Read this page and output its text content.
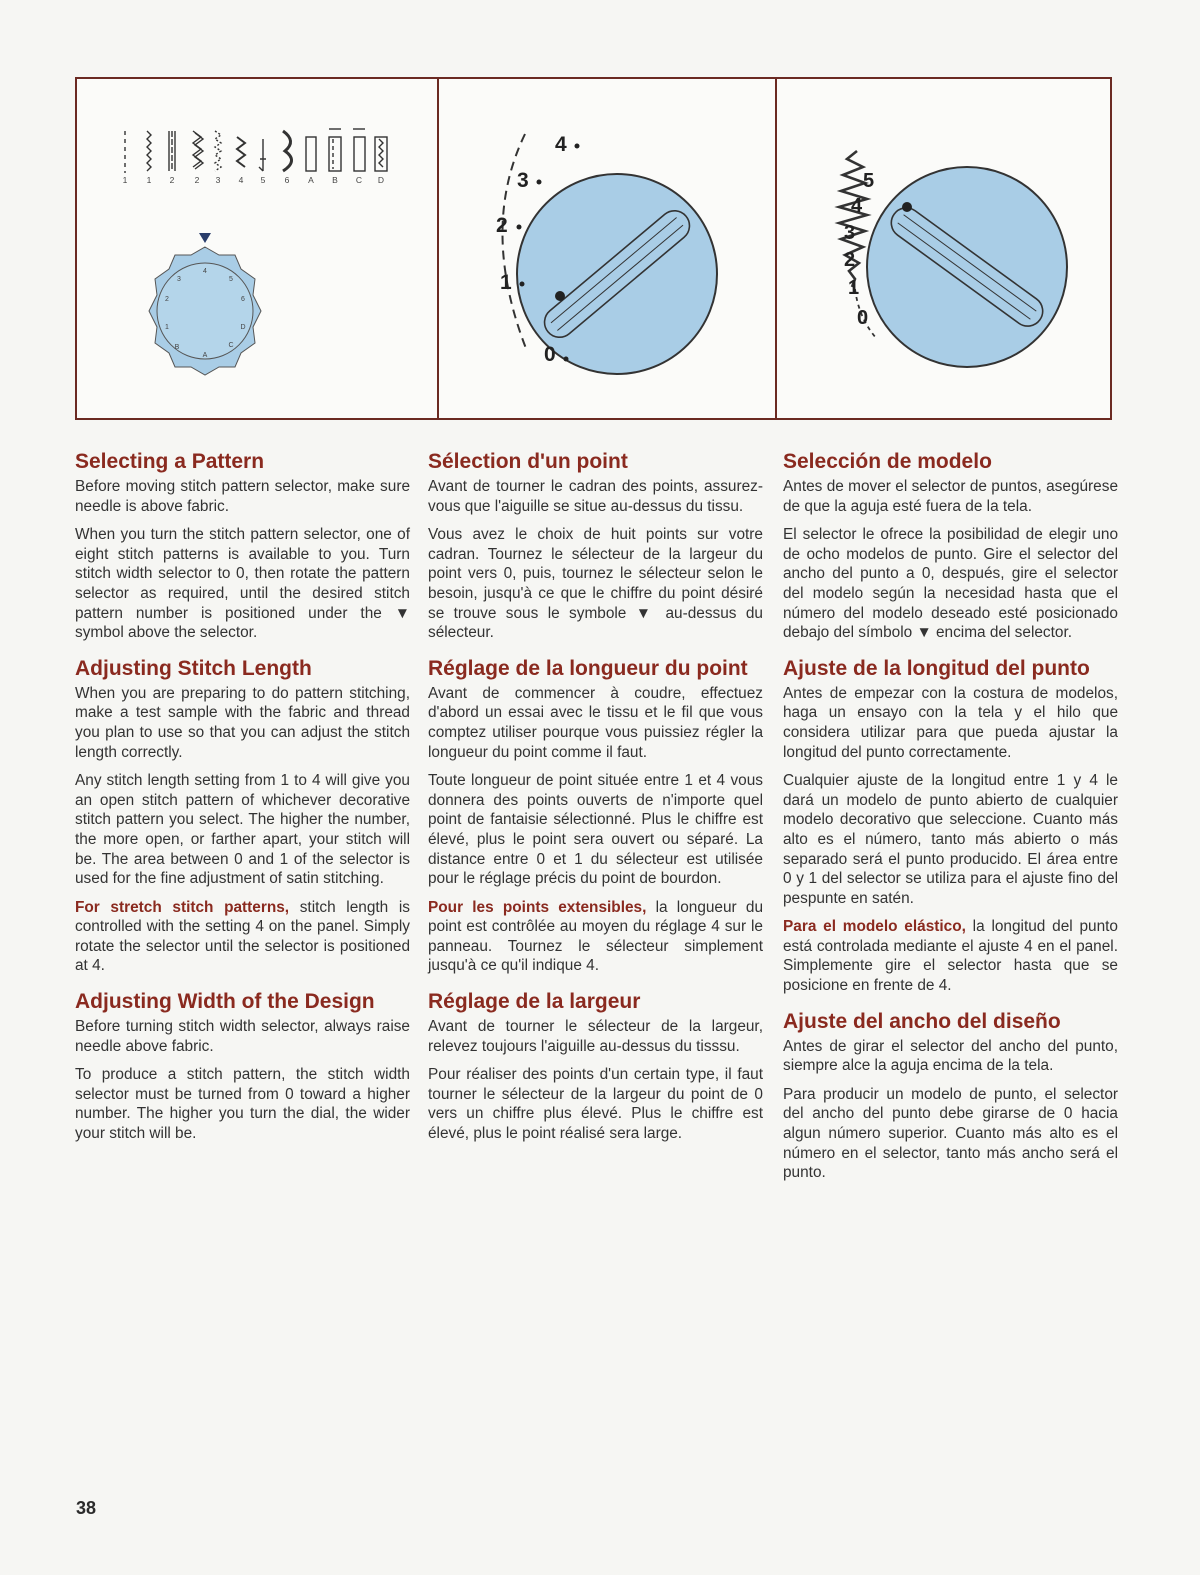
1 1 2 2 3 4 5 6 A B C D
4
5
6
D
C
A
B
1
2
3
4
3
2
1
0
5
4
3
2
1
0
Selecting a Pattern

Before moving stitch pattern selector, make sure needle is above fabric.

When you turn the stitch pattern selector, one of eight stitch patterns is available to you. Turn stitch width selector to 0, then rotate the pattern selector as required, until the desired stitch pattern number is positioned under the ▼ symbol above the selector.

Adjusting Stitch Length

When you are preparing to do pattern stitching, make a test sample with the fabric and thread you plan to use so that you can adjust the stitch length correctly.

Any stitch length setting from 1 to 4 will give you an open stitch pattern of whichever decorative stitch pattern you select. The higher the number, the more open, or farther apart, your stitch will be. The area between 0 and 1 of the selector is used for the fine adjustment of satin stitching.

For stretch stitch patterns, stitch length is controlled with the setting 4 on the panel. Simply rotate the selector until the selector is positioned at 4.

Adjusting Width of the Design

Before turning stitch width selector, always raise needle above fabric.

To produce a stitch pattern, the stitch width selector must be turned from 0 toward a higher number. The higher you turn the dial, the wider your stitch will be.

Sélection d'un point

Avant de tourner le cadran des points, assurez-vous que l'aiguille se situe au-dessus du tissu.

Vous avez le choix de huit points sur votre cadran. Tournez le sélecteur de la largeur du point vers 0, puis, tournez le sélecteur selon le besoin, jusqu'à ce que le chiffre du point désiré se trouve sous le symbole ▼ au-dessus du sélecteur.

Réglage de la longueur du point

Avant de commencer à coudre, effectuez d'abord un essai avec le tissu et le fil que vous comptez utiliser pourque vous puissiez régler la longueur du point comme il faut.

Toute longueur de point située entre 1 et 4 vous donnera des points ouverts de n'importe quel point de fantaisie sélectionné. Plus le chiffre est élevé, plus le point sera ouvert ou séparé. La distance entre 0 et 1 du sélecteur est utilisée pour le réglage précis du point de bourdon.

Pour les points extensibles, la longueur du point est contrôlée au moyen du réglage 4 sur le panneau. Tournez le sélecteur simplement jusqu'à ce qu'il indique 4.

Réglage de la largeur

Avant de tourner le sélecteur de la largeur, relevez toujours l'aiguille au-dessus du tisssu.

Pour réaliser des points d'un certain type, il faut tourner le sélecteur de la largeur du point de 0 vers un chiffre plus élevé. Plus le chiffre est élevé, plus le point réalisé sera large.

Selección de modelo

Antes de mover el selector de puntos, asegúrese de que la aguja esté fuera de la tela.

El selector le ofrece la posibilidad de elegir uno de ocho modelos de punto. Gire el selector del ancho del punto a 0, después, gire el selector del modelo según la necesidad hasta que el número del modelo deseado esté posicionado debajo del símbolo ▼ encima del selector.

Ajuste de la longitud del punto

Antes de empezar con la costura de modelos, haga un ensayo con la tela y el hilo que considera utilizar para que pueda ajustar la longitud del punto correctamente.

Cualquier ajuste de la longitud entre 1 y 4 le dará un modelo de punto abierto de cualquier modelo decorativo que seleccione. Cuanto más alto es el número, tanto más abierto o más separado será el punto producido. El área entre 0 y 1 del selector se utiliza para el ajuste fino del pespunte en satén.

Para el modelo elástico, la longitud del punto está controlada mediante el ajuste 4 en el panel. Simplemente gire el selector hasta que se posicione en frente de 4.

Ajuste del ancho del diseño

Antes de girar el selector del ancho del punto, siempre alce la aguja encima de la tela.

Para producir un modelo de punto, el selector del ancho del punto debe girarse de 0 hacia algun número superior. Cuanto más alto es el número en el selector, tanto más ancho será el punto.

38
